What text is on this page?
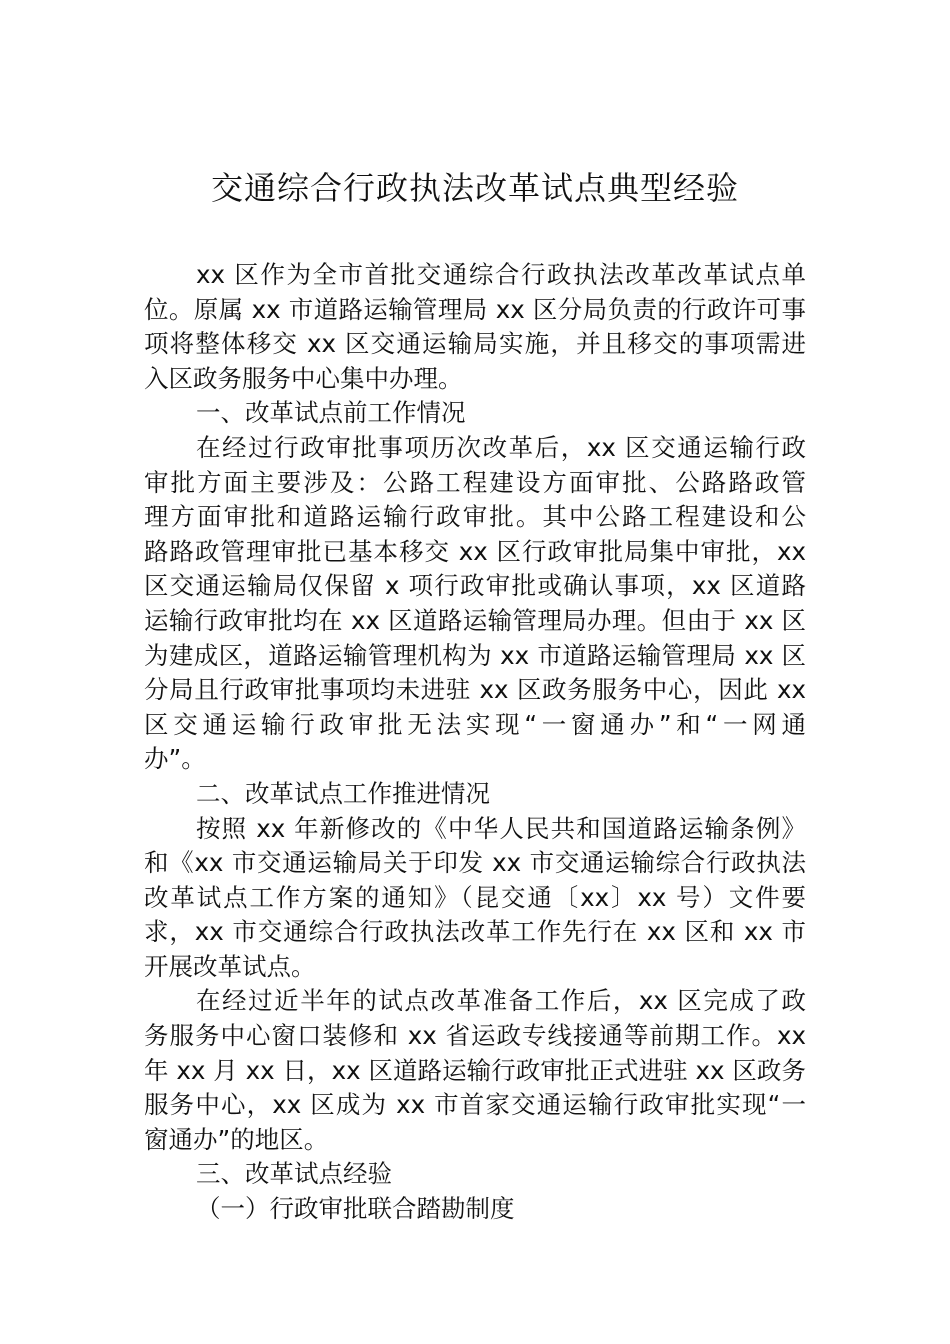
交通综合行政执法改革试点典型经验
xx 区作为全市首批交通综合行政执法改革改革试点单
位。原属 xx 市道路运输管理局 xx 区分局负责的行政许可事
项将整体移交 xx 区交通运输局实施，并且移交的事项需进
入区政务服务中心集中办理。

一、改革试点前工作情况

在经过行政审批事项历次改革后，xx 区交通运输行政
审批方面主要涉及：公路工程建设方面审批、公路路政管
理方面审批和道路运输行政审批。其中公路工程建设和公
路路政管理审批已基本移交 xx 区行政审批局集中审批，xx
区交通运输局仅保留 x 项行政审批或确认事项，xx 区道路
运输行政审批均在 xx 区道路运输管理局办理。但由于 xx 区
为建成区，道路运输管理机构为 xx 市道路运输管理局 xx 区
分局且行政审批事项均未进驻 xx 区政务服务中心，因此 xx
区交通运输行政审批无法实现“一窗通办”和“一网通
办”。

二、改革试点工作推进情况

按照 xx 年新修改的《中华人民共和国道路运输条例》
和《xx 市交通运输局关于印发 xx 市交通运输综合行政执法
改革试点工作方案的通知》（昆交通〔xx〕xx 号）文件要
求，xx 市交通综合行政执法改革工作先行在 xx 区和 xx 市
开展改革试点。
在经过近半年的试点改革准备工作后，xx 区完成了政
务服务中心窗口装修和 xx 省运政专线接通等前期工作。xx
年 xx 月 xx 日，xx 区道路运输行政审批正式进驻 xx 区政务
服务中心，xx 区成为 xx 市首家交通运输行政审批实现“一
窗通办”的地区。

三、改革试点经验

（一）行政审批联合踏勘制度
